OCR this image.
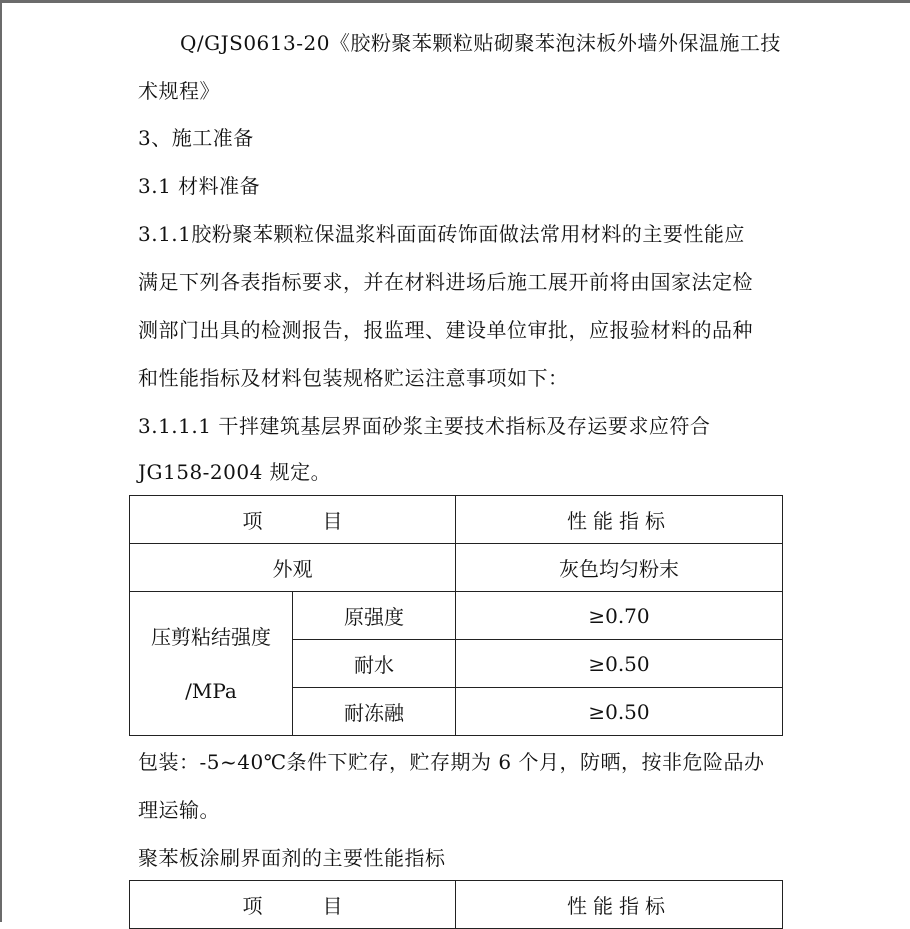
Q/GJS0613-20《胶粉聚苯颗粒贴砌聚苯泡沫板外墙外保温施工技
术规程》
3、施工准备
3.1 材料准备
3.1.1胶粉聚苯颗粒保温浆料面面砖饰面做法常用材料的主要性能应
满足下列各表指标要求，并在材料进场后施工展开前将由国家法定检
测部门出具的检测报告，报监理、建设单位审批，应报验材料的品种
和性能指标及材料包装规格贮运注意事项如下：
3.1.1.1 干拌建筑基层界面砂浆主要技术指标及存运要求应符合
JG158-2004 规定。
项　　　目		性能指标
外观		灰色均匀粉末

压剪粘结强度
/MPa	原强度	≥0.70
	耐水	≥0.50
	耐冻融	≥0.50
包装：-5~40℃条件下贮存，贮存期为 6 个月，防晒，按非危险品办
理运输。
聚苯板涂刷界面剂的主要性能指标
项　　　目	性能指标
